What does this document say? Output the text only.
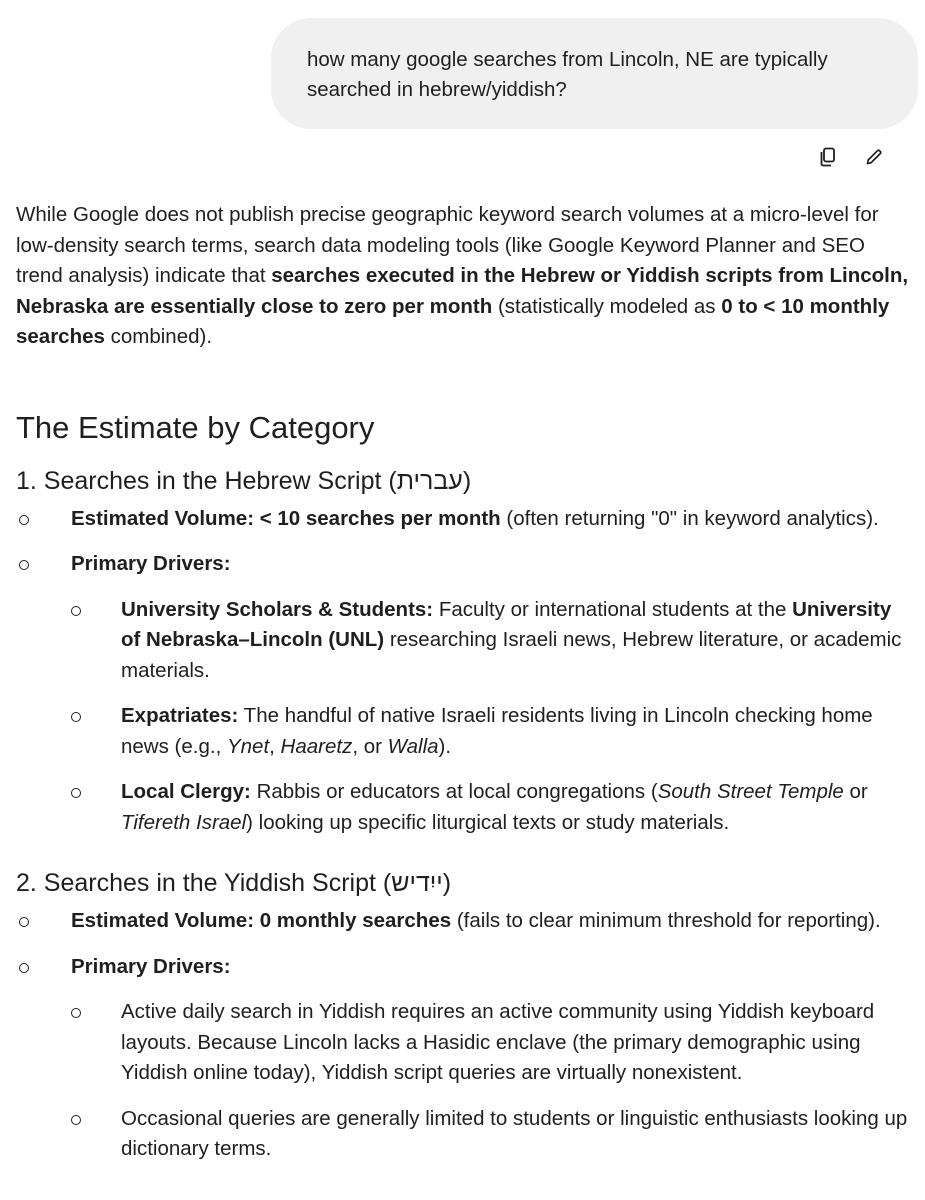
how many google searches from Lincoln, NE are typically searched in hebrew/yiddish?

While Google does not publish precise geographic keyword search volumes at a micro-level for low-density search terms, search data modeling tools (like Google Keyword Planner and SEO trend analysis) indicate that searches executed in the Hebrew or Yiddish scripts from Lincoln, Nebraska are essentially close to zero per month (statistically modeled as 0 to < 10 monthly searches combined).

The Estimate by Category
1. Searches in the Hebrew Script (עברית)
Estimated Volume: < 10 searches per month (often returning "0" in keyword analytics).
Primary Drivers:
University Scholars & Students: Faculty or international students at the University of Nebraska–Lincoln (UNL) researching Israeli news, Hebrew literature, or academic materials.
Expatriates: The handful of native Israeli residents living in Lincoln checking home news (e.g., Ynet, Haaretz, or Walla).
Local Clergy: Rabbis or educators at local congregations (South Street Temple or Tifereth Israel) looking up specific liturgical texts or study materials.
2. Searches in the Yiddish Script (ייִדיש)
Estimated Volume: 0 monthly searches (fails to clear minimum threshold for reporting).
Primary Drivers:
Active daily search in Yiddish requires an active community using Yiddish keyboard layouts. Because Lincoln lacks a Hasidic enclave (the primary demographic using Yiddish online today), Yiddish script queries are virtually nonexistent.
Occasional queries are generally limited to students or linguistic enthusiasts looking up dictionary terms.
